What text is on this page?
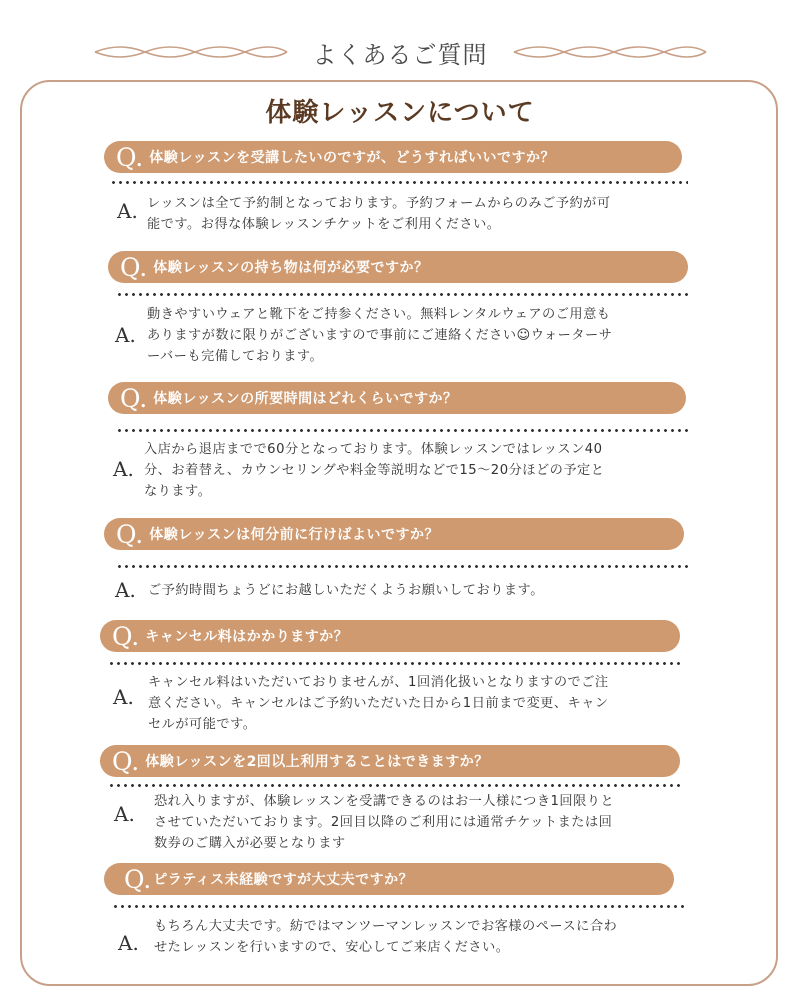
よくあるご質問
体験レッスンについて
Q. 体験レッスンを受講したいのですが、どうすればいいですか？
A. レッスンは全て予約制となっております。予約フォームからのみご予約が可
能です。お得な体験レッスンチケットをご利用ください。
Q. 体験レッスンの持ち物は何が必要ですか？
A.
動きやすいウェアと靴下をご持参ください。無料レンタルウェアのご用意も
ありますが数に限りがございますので事前にご連絡ください☺ウォーターサ
ーバーも完備しております。
Q. 体験レッスンの所要時間はどれくらいですか？
A.
入店から退店までで60分となっております。体験レッスンではレッスン40
分、お着替え、カウンセリングや料金等説明などで15〜20分ほどの予定と
なります。
Q. 体験レッスンは何分前に行けばよいですか？
A. ご予約時間ちょうどにお越しいただくようお願いしております。
Q. キャンセル料はかかりますか？
A.
キャンセル料はいただいておりませんが、1回消化扱いとなりますのでご注
意ください。キャンセルはご予約いただいた日から1日前まで変更、キャン
セルが可能です。
Q. 体験レッスンを2回以上利用することはできますか？
A.
恐れ入りますが、体験レッスンを受講できるのはお一人様につき1回限りと
させていただいております。2回目以降のご利用には通常チケットまたは回
数券のご購入が必要となります
Q. ピラティス未経験ですが大丈夫ですか？
A.
もちろん大丈夫です。紡ではマンツーマンレッスンでお客様のペースに合わ
せたレッスンを行いますので、安心してご来店ください。
